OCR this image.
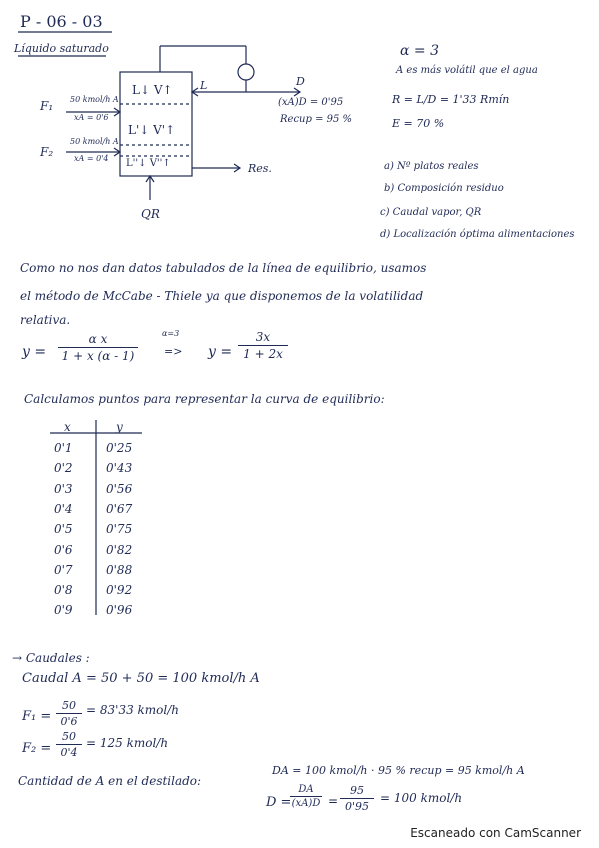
P - 06 - 03
Líquido saturado
F₁ 50 kmol/h A
xA = 0'6
F₂
50 kmol/h A
xA = 0'4
L↓ V↑
L'↓ V'↑
L''↓ V''↑
L	D
Res.
QR
(xA)D = 0'95
Recup = 95 %
α = 3
A es más volátil que el agua
R = L/D = 1'33 Rmín
E = 70 %
a) Nº platos reales
b) Composición residuo
c) Caudal vapor, QR
d) Localización óptima alimentaciones
Como no nos dan datos tabulados de la línea de equilibrio, usamos
el método de McCabe - Thiele ya que disponemos de la volatilidad
relativa.
y =
α x
1 + x (α - 1)
α=3
=> y =
3x
1 + 2x
Calculamos puntos para representar la curva de equilibrio:
x	y
0'1	0'25
0'2	0'43
0'3	0'56
0'4	0'67
0'5	0'75
0'6	0'82
0'7	0'88
0'8	0'92
0'9	0'96
→ Caudales :
Caudal A = 50 + 50 = 100 kmol/h A
F₁ =
50
0'6
= 83'33 kmol/h
F₂ =
50
0'4
= 125 kmol/h
Cantidad de A en el destilado:
DA = 100 kmol/h · 95 % recup = 95 kmol/h A
D =
DA
(xA)D =
95
0'95
= 100 kmol/h
Escaneado con CamScanner
